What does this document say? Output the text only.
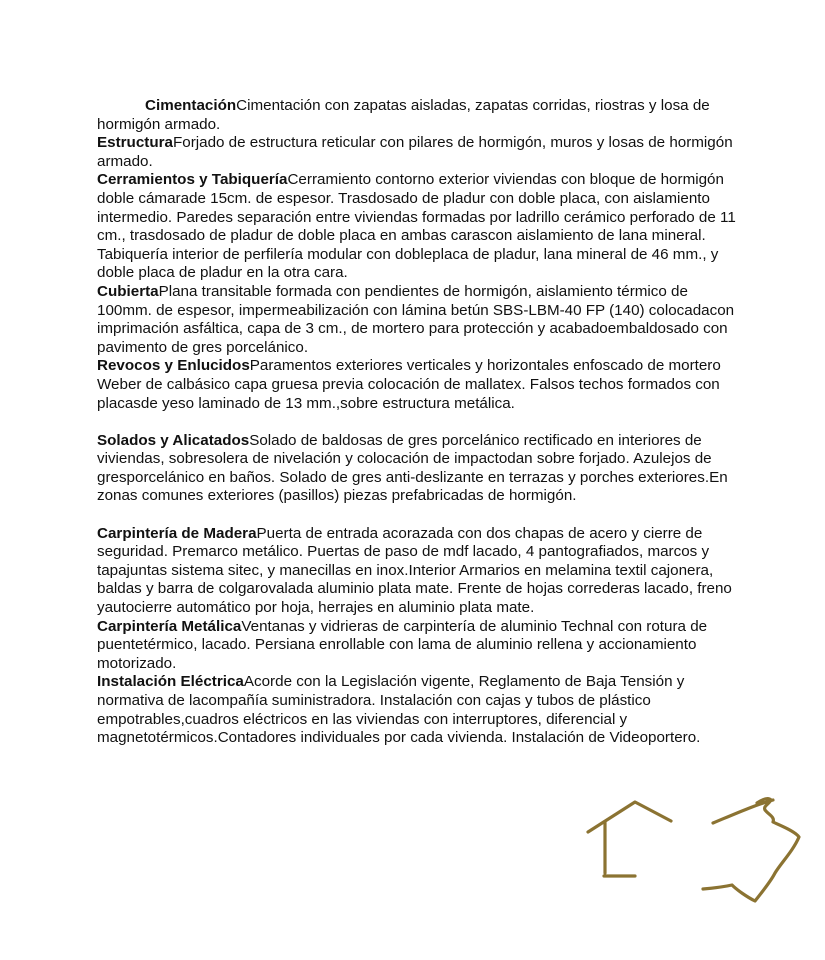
CimentaciónCimentación con zapatas aisladas, zapatas corridas, riostras y losa de hormigón armado.

EstructuraForjado de estructura reticular con pilares de hormigón, muros y losas de hormigón armado.

Cerramientos y TabiqueríaCerramiento contorno exterior viviendas con bloque de hormigón doble cámarade 15cm. de espesor. Trasdosado de pladur con doble placa, con aislamiento intermedio. Paredes separación entre viviendas formadas por ladrillo cerámico perforado de 11 cm., trasdosado de pladur de doble placa en ambas carascon aislamiento de lana mineral. Tabiquería interior de perfilería modular con dobleplaca de pladur, lana mineral de 46 mm., y doble placa de pladur en la otra cara.

CubiertaPlana transitable formada con pendientes de hormigón, aislamiento térmico de 100mm. de espesor, impermeabilización con lámina betún SBS-LBM-40 FP (140) colocadacon imprimación asfáltica, capa de 3 cm., de mortero para protección y acabadoembaldosado con pavimento de gres porcelánico.

Revocos y EnlucidosParamentos exteriores verticales y horizontales enfoscado de mortero Weber de calbásico capa gruesa previa colocación de mallatex. Falsos techos formados con placasde yeso laminado de 13 mm.,sobre estructura metálica.

Solados y AlicatadosSolado de baldosas de gres porcelánico rectificado en interiores de viviendas, sobresolera de nivelación y colocación de impactodan sobre forjado. Azulejos de gresporcelánico en baños. Solado de gres anti-deslizante en terrazas y porches exteriores.En zonas comunes exteriores (pasillos) piezas prefabricadas de hormigón.

Carpintería de MaderaPuerta de entrada acorazada con dos chapas de acero y cierre de seguridad. Premarco metálico. Puertas de paso de mdf lacado, 4 pantografiados, marcos y tapajuntas sistema sitec, y manecillas en inox.Interior Armarios en melamina textil cajonera, baldas y barra de colgarovalada aluminio plata mate. Frente de hojas correderas lacado, freno yautocierre automático por hoja, herrajes en aluminio plata mate.

Carpintería MetálicaVentanas y vidrieras de carpintería de aluminio Technal con rotura de puentetérmico, lacado. Persiana enrollable con lama de aluminio rellena y accionamiento motorizado.

Instalación EléctricaAcorde con la Legislación vigente, Reglamento de Baja Tensión y normativa de lacompañía suministradora. Instalación con cajas y tubos de plástico empotrables,cuadros eléctricos en las viviendas con interruptores, diferencial y magnetotérmicos.Contadores individuales por cada vivienda. Instalación de Videoportero.
